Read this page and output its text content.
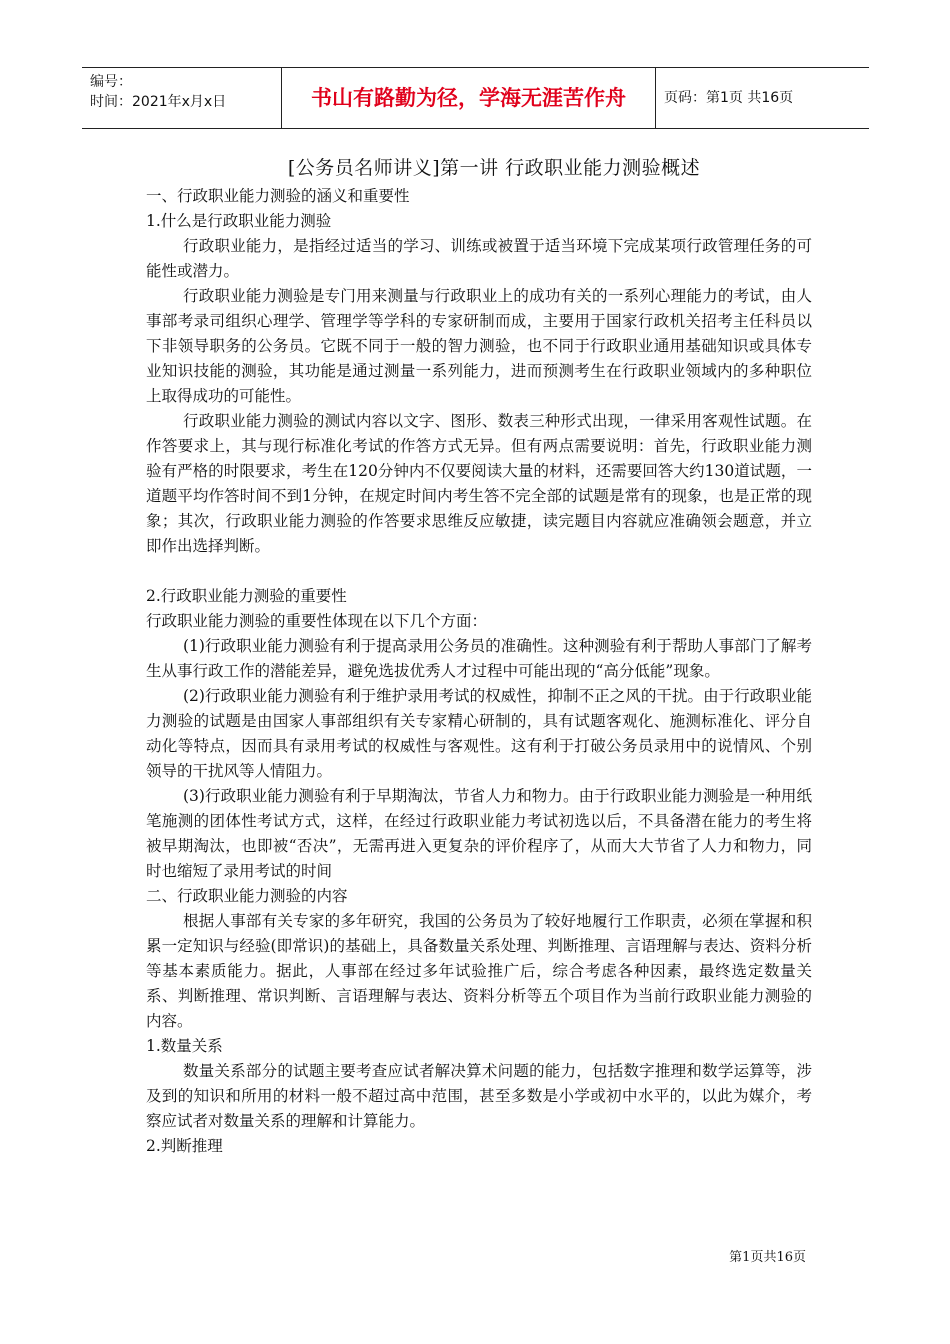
编号：
时间：2021年x月x日	书山有路勤为径，学海无涯苦作舟	页码：第1页 共16页
[公务员名师讲义]第一讲 行政职业能力测验概述

一、行政职业能力测验的涵义和重要性

1.什么是行政职业能力测验

行政职业能力，是指经过适当的学习、训练或被置于适当环境下完成某项行政管理任务的可能性或潜力。

行政职业能力测验是专门用来测量与行政职业上的成功有关的一系列心理能力的考试，由人事部考录司组织心理学、管理学等学科的专家研制而成，主要用于国家行政机关招考主任科员以下非领导职务的公务员。它既不同于一般的智力测验，也不同于行政职业通用基础知识或具体专业知识技能的测验，其功能是通过测量一系列能力，进而预测考生在行政职业领域内的多种职位上取得成功的可能性。

行政职业能力测验的测试内容以文字、图形、数表三种形式出现，一律采用客观性试题。在作答要求上，其与现行标准化考试的作答方式无异。但有两点需要说明：首先，行政职业能力测验有严格的时限要求，考生在120分钟内不仅要阅读大量的材料，还需要回答大约130道试题，一道题平均作答时间不到1分钟，在规定时间内考生答不完全部的试题是常有的现象，也是正常的现象；其次，行政职业能力测验的作答要求思维反应敏捷，读完题目内容就应准确领会题意，并立即作出选择判断。

2.行政职业能力测验的重要性

行政职业能力测验的重要性体现在以下几个方面：

(1)行政职业能力测验有利于提高录用公务员的准确性。这种测验有利于帮助人事部门了解考生从事行政工作的潜能差异，避免选拔优秀人才过程中可能出现的“高分低能”现象。

(2)行政职业能力测验有利于维护录用考试的权威性，抑制不正之风的干扰。由于行政职业能力测验的试题是由国家人事部组织有关专家精心研制的，具有试题客观化、施测标准化、评分自动化等特点，因而具有录用考试的权威性与客观性。这有利于打破公务员录用中的说情风、个别领导的干扰风等人情阻力。

(3)行政职业能力测验有利于早期淘汰，节省人力和物力。由于行政职业能力测验是一种用纸笔施测的团体性考试方式，这样，在经过行政职业能力考试初选以后，不具备潜在能力的考生将被早期淘汰，也即被“否决”，无需再进入更复杂的评价程序了，从而大大节省了人力和物力，同时也缩短了录用考试的时间

二、行政职业能力测验的内容

根据人事部有关专家的多年研究，我国的公务员为了较好地履行工作职责，必须在掌握和积累一定知识与经验(即常识)的基础上，具备数量关系处理、判断推理、言语理解与表达、资料分析等基本素质能力。据此，人事部在经过多年试验推广后，综合考虑各种因素，最终选定数量关系、判断推理、常识判断、言语理解与表达、资料分析等五个项目作为当前行政职业能力测验的内容。

1.数量关系

数量关系部分的试题主要考查应试者解决算术问题的能力，包括数字推理和数学运算等，涉及到的知识和所用的材料一般不超过高中范围，甚至多数是小学或初中水平的，以此为媒介，考察应试者对数量关系的理解和计算能力。

2.判断推理

第1页共16页
